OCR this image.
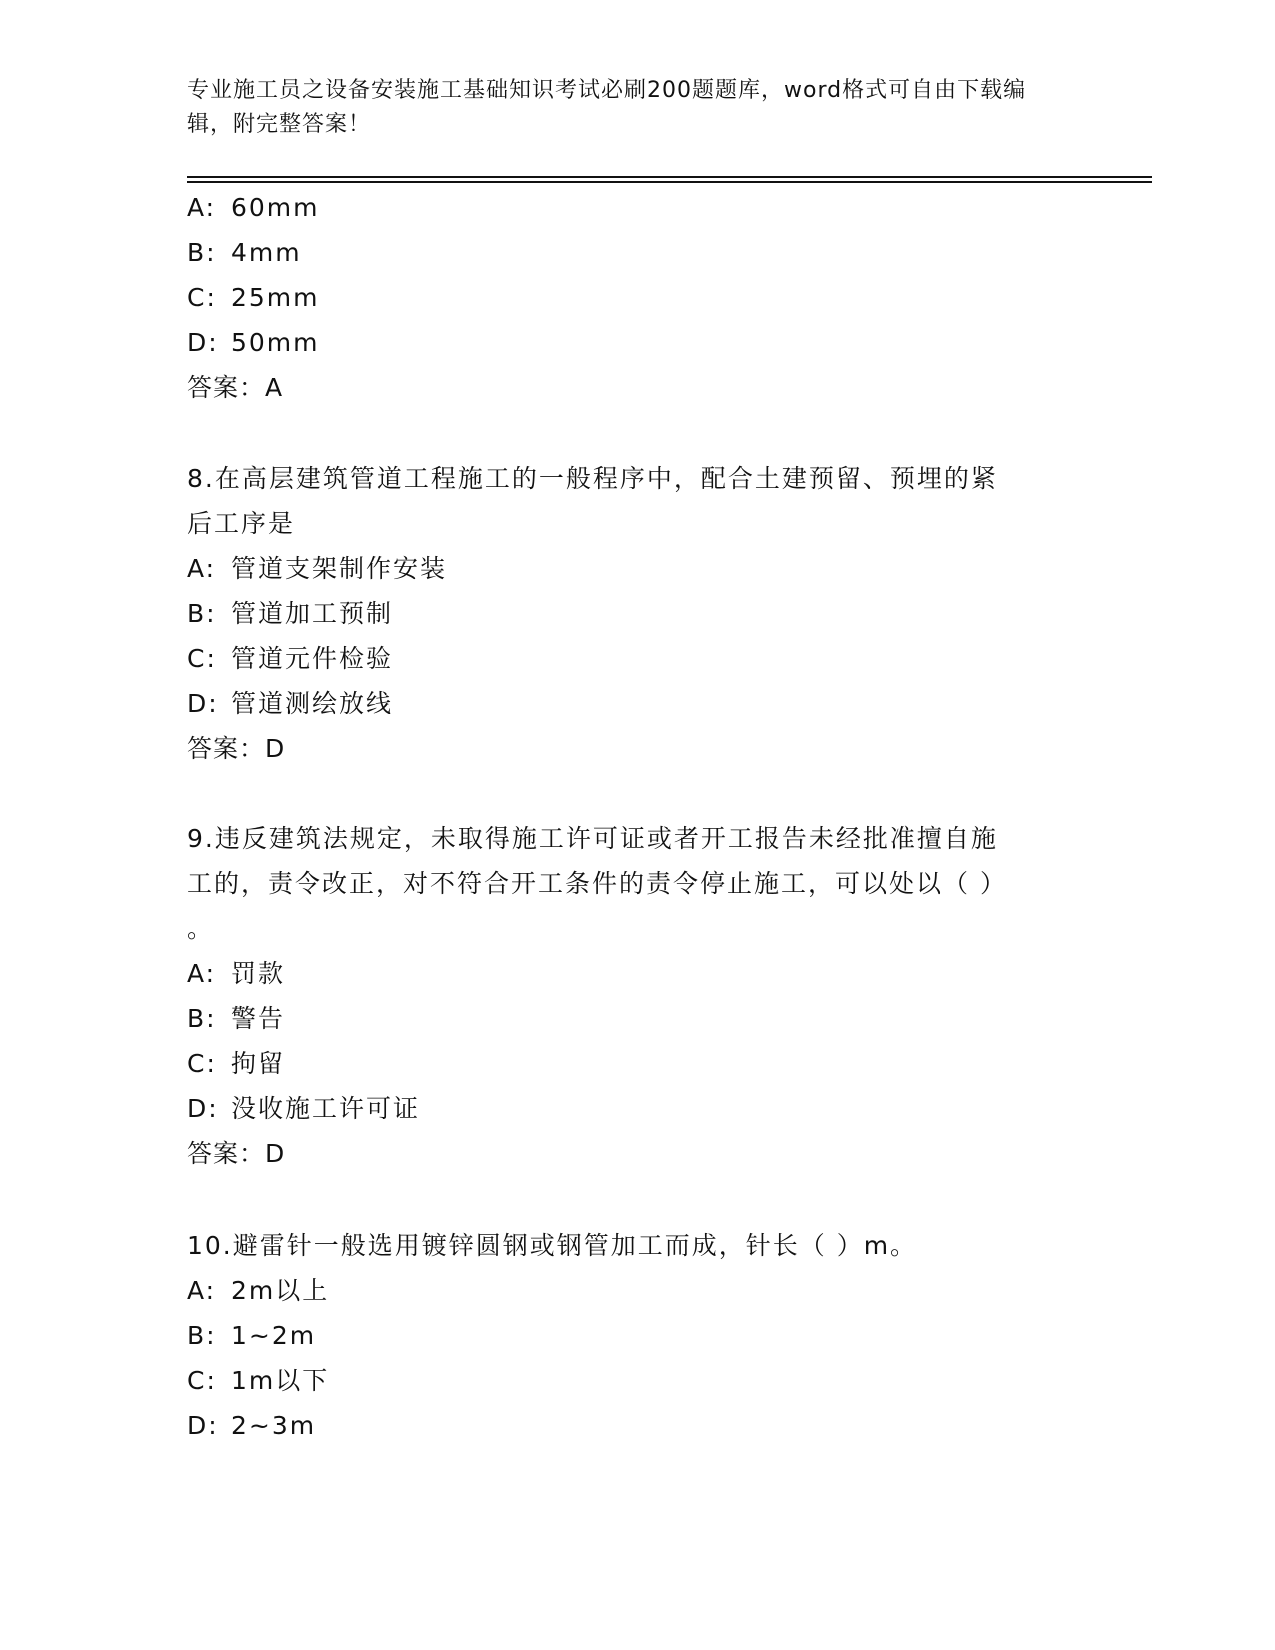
专业施工员之设备安装施工基础知识考试必刷200题题库，word格式可自由下载编辑，附完整答案！
A: 60mm
B: 4mm
C: 25mm
D: 50mm
答案：A
8.在高层建筑管道工程施工的一般程序中，配合土建预留、预埋的紧
后工序是
A: 管道支架制作安装
B: 管道加工预制
C: 管道元件检验
D: 管道测绘放线
答案：D
9.违反建筑法规定，未取得施工许可证或者开工报告未经批准擅自施
工的，责令改正，对不符合开工条件的责令停止施工，可以处以（ ）
。
A: 罚款
B: 警告
C: 拘留
D: 没收施工许可证
答案：D
10.避雷针一般选用镀锌圆钢或钢管加工而成，针长（ ）m。
A: 2m以上
B: 1~2m
C: 1m以下
D: 2~3m
